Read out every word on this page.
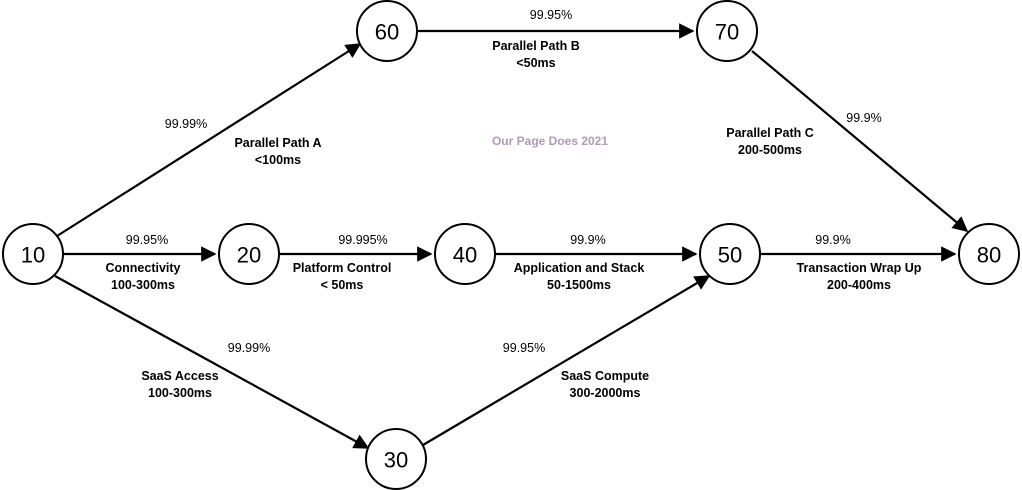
10	20
30
40	50
60	70
80
99.99%
99.95%
99.9%
99.95%	99.995%	99.9%	99.9%
99.99%	99.95%
Parallel Path A
<100ms
Parallel Path B
<50ms
Parallel Path C
200-500ms
Connectivity
100-300ms
Platform Control
< 50ms
Application and Stack
50-1500ms
Transaction Wrap Up
200-400ms
SaaS Access
100-300ms
SaaS Compute
300-2000ms
Our Page Does 2021
